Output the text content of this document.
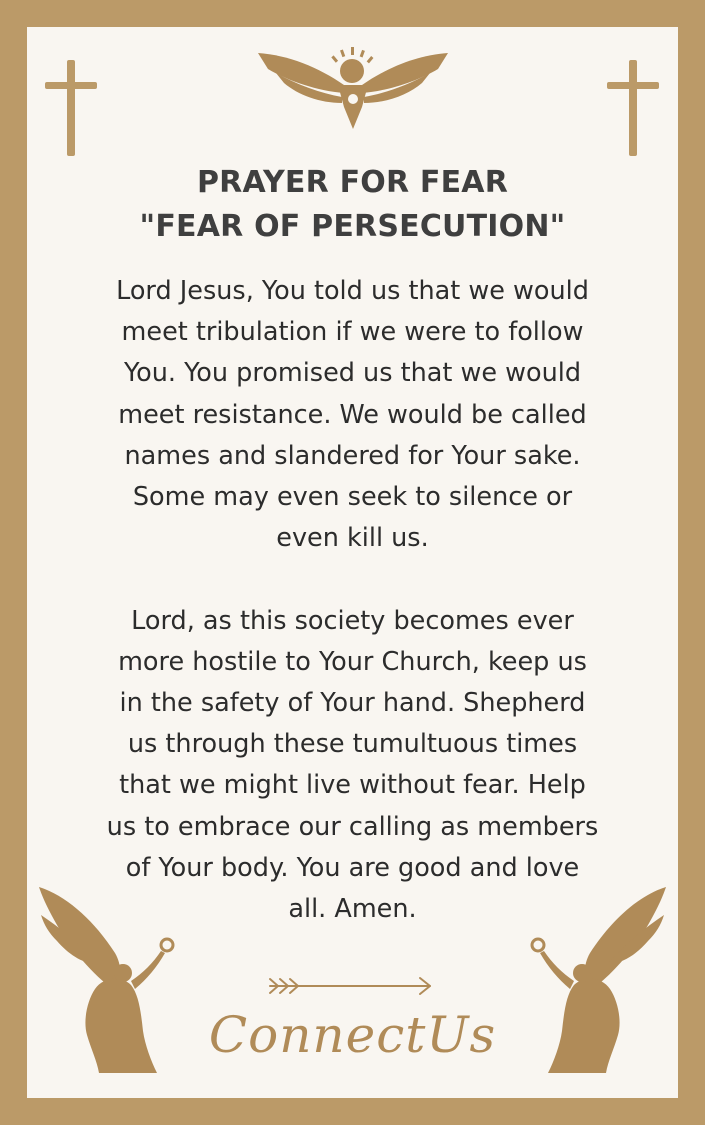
PRAYER FOR FEAR
"FEAR OF PERSECUTION"
Lord Jesus, You told us that we would
meet tribulation if we were to follow
You. You promised us that we would
meet resistance. We would be called
names and slandered for Your sake.
Some may even seek to silence or
even kill us.
Lord, as this society becomes ever
more hostile to Your Church, keep us
in the safety of Your hand. Shepherd
us through these tumultuous times
that we might live without fear. Help
us to embrace our calling as members
of Your body. You are good and love
all. Amen.
ConnectUs
